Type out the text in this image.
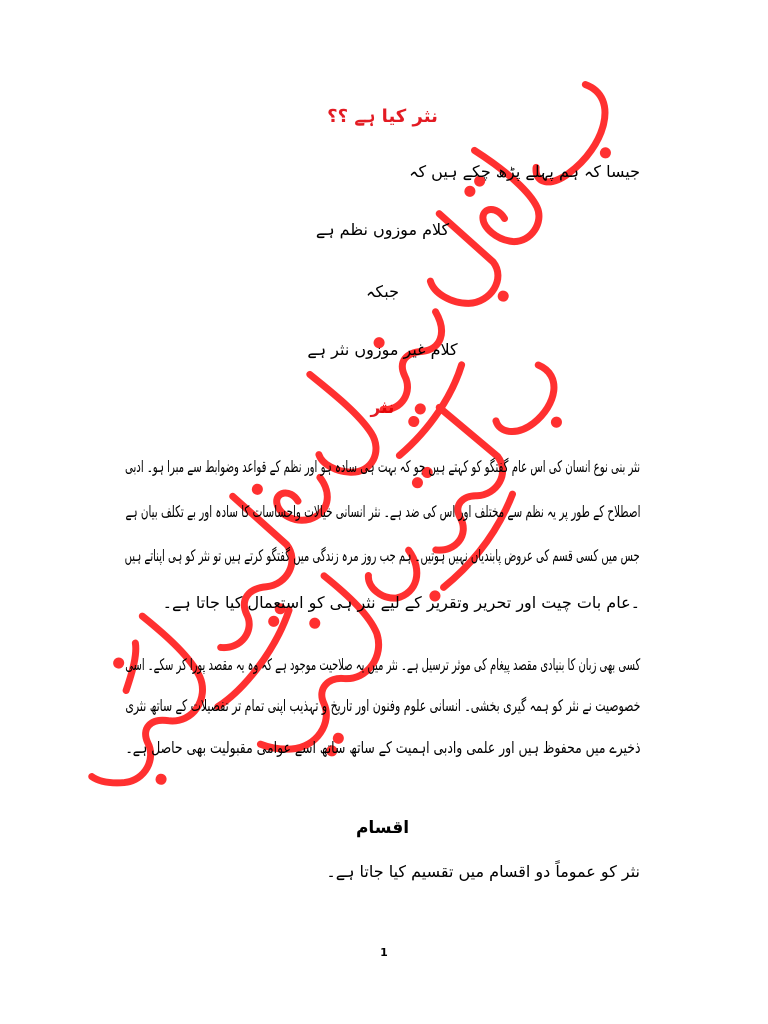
نثر کیا ہے ؟؟

جیسا کہ ہم پہلے پڑھ چکے ہیں کہ

کلام موزوں نظم ہے

جبکہ

کلام غیر موزوں نثر ہے

نثر

نثر بنی نوع انسان کی اس عام گفتگو کو کہتے ہیں جو کہ بہت ہی سادہ ہو اور نظم کے قواعد وضوابط سے مبرا ہو۔ ادبی

اصطلاح کے طور پر یہ نظم سے مختلف اور اس کی ضد ہے۔ نثر انسانی خیالات واحساسات کا سادہ اور بے تکلف بیان ہے

جس میں کسی قسم کی عروض پابندیاں نہیں ہوتیں۔ ہم جب روز مرہ زندگی میں گفتگو کرتے ہیں تو نثر کو ہی اپناتے ہیں

۔عام بات چیت اور تحریر وتقریر کے لیے نثر ہی کو استعمال کیا جاتا ہے۔

کسی بھی زبان کا بنیادی مقصد پیغام کی موثر ترسیل ہے۔ نثر میں یہ صلاحیت موجود ہے کہ وہ یہ مقصد پورا کر سکے۔ اسی

خصوصیت نے نثر کو ہمہ گیری بخشی۔ انسانی علوم وفنون اور تاریخ و تہذیب اپنی تمام تر تفصیلات کے ساتھ نثری

ذخیرے میں محفوظ ہیں اور علمی وادبی اہمیت کے ساتھ ساتھ اسے عوامی مقبولیت بھی حاصل ہے۔

اقسام

نثر کو عموماً دو اقسام میں تقسیم کیا جاتا ہے۔

1
